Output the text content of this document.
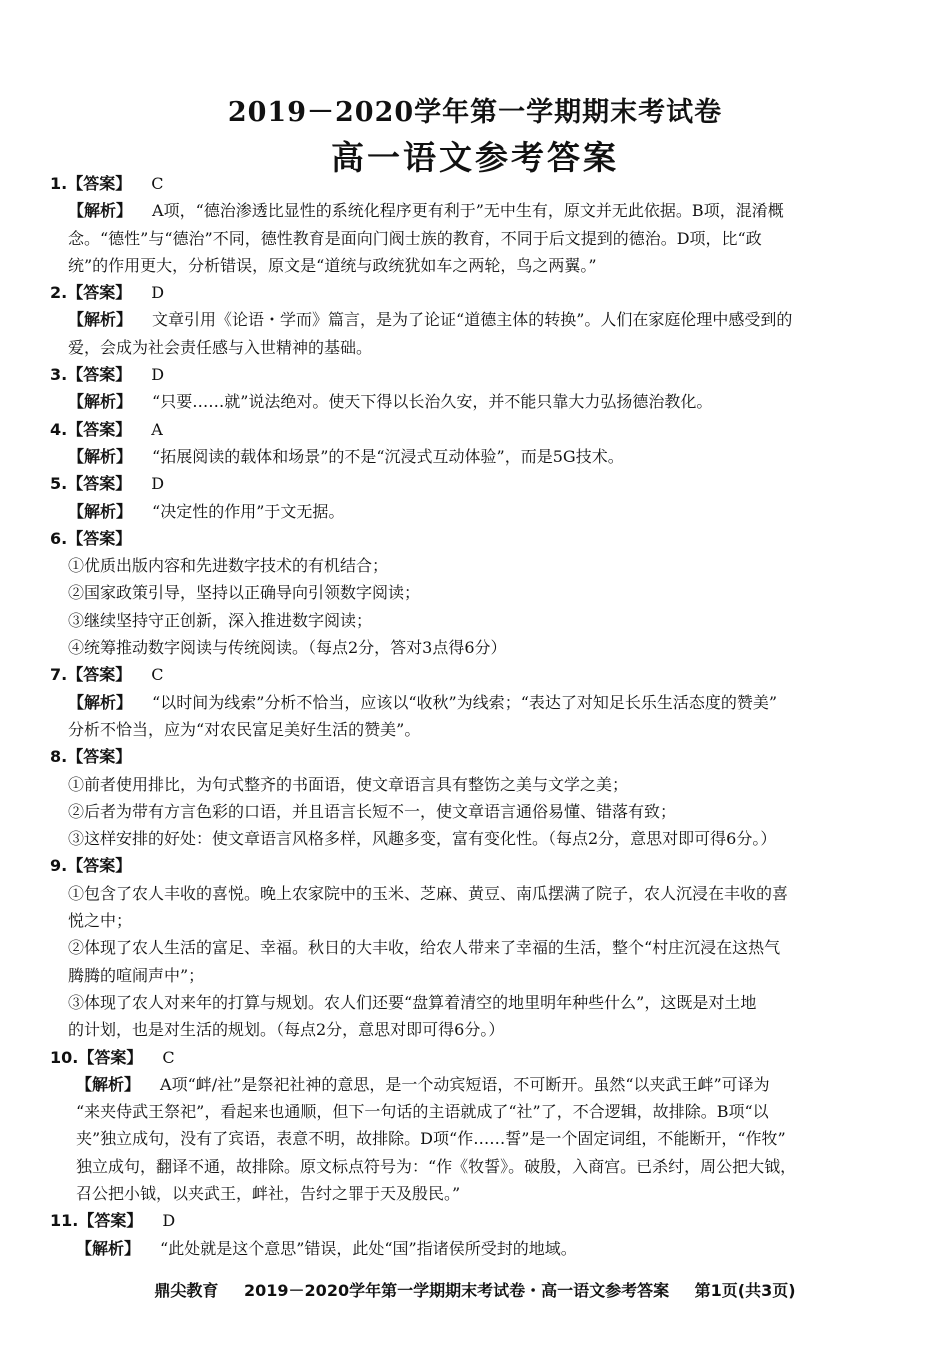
2019－2020学年第一学期期末考试卷
高一语文参考答案
1.【答案】 C
【解析】 A项，“德治渗透比显性的系统化程序更有利于”无中生有，原文并无此依据。B项，混淆概
念。“德性”与“德治”不同，德性教育是面向门阀士族的教育，不同于后文提到的德治。D项，比“政
统”的作用更大，分析错误，原文是“道统与政统犹如车之两轮，鸟之两翼。”
2.【答案】 D
【解析】 文章引用《论语・学而》篇言，是为了论证“道德主体的转换”。人们在家庭伦理中感受到的
爱，会成为社会责任感与入世精神的基础。
3.【答案】 D
【解析】 “只要……就”说法绝对。使天下得以长治久安，并不能只靠大力弘扬德治教化。
4.【答案】 A
【解析】 “拓展阅读的载体和场景”的不是“沉浸式互动体验”，而是5G技术。
5.【答案】 D
【解析】 “决定性的作用”于文无据。
6.【答案】
①优质出版内容和先进数字技术的有机结合；
②国家政策引导，坚持以正确导向引领数字阅读；
③继续坚持守正创新，深入推进数字阅读；
④统筹推动数字阅读与传统阅读。（每点2分，答对3点得6分）
7.【答案】 C
【解析】 “以时间为线索”分析不恰当，应该以“收秋”为线索；“表达了对知足长乐生活态度的赞美”
分析不恰当，应为“对农民富足美好生活的赞美”。
8.【答案】
①前者使用排比，为句式整齐的书面语，使文章语言具有整饬之美与文学之美；
②后者为带有方言色彩的口语，并且语言长短不一，使文章语言通俗易懂、错落有致；
③这样安排的好处：使文章语言风格多样，风趣多变，富有变化性。（每点2分，意思对即可得6分。）
9.【答案】
①包含了农人丰收的喜悦。晚上农家院中的玉米、芝麻、黄豆、南瓜摆满了院子，农人沉浸在丰收的喜
悦之中；
②体现了农人生活的富足、幸福。秋日的大丰收，给农人带来了幸福的生活，整个“村庄沉浸在这热气
腾腾的喧闹声中”；
③体现了农人对来年的打算与规划。农人们还要“盘算着清空的地里明年种些什么”，这既是对土地
的计划，也是对生活的规划。（每点2分，意思对即可得6分。）
10.【答案】 C
【解析】 A项“衅/社”是祭祀社神的意思，是一个动宾短语，不可断开。虽然“以夹武王衅”可译为
“来夹侍武王祭祀”，看起来也通顺，但下一句话的主语就成了“社”了，不合逻辑，故排除。B项“以
夹”独立成句，没有了宾语，表意不明，故排除。D项“作……誓”是一个固定词组，不能断开，“作牧”
独立成句，翻译不通，故排除。原文标点符号为：“作《牧誓》。破殷，入商宫。已杀纣，周公把大钺，
召公把小钺，以夹武王，衅社，告纣之罪于天及殷民。”
11.【答案】 D
【解析】 “此处就是这个意思”错误，此处“国”指诸侯所受封的地域。
鼎尖教育 2019－2020学年第一学期期末考试卷・高一语文参考答案 第1页(共3页)
